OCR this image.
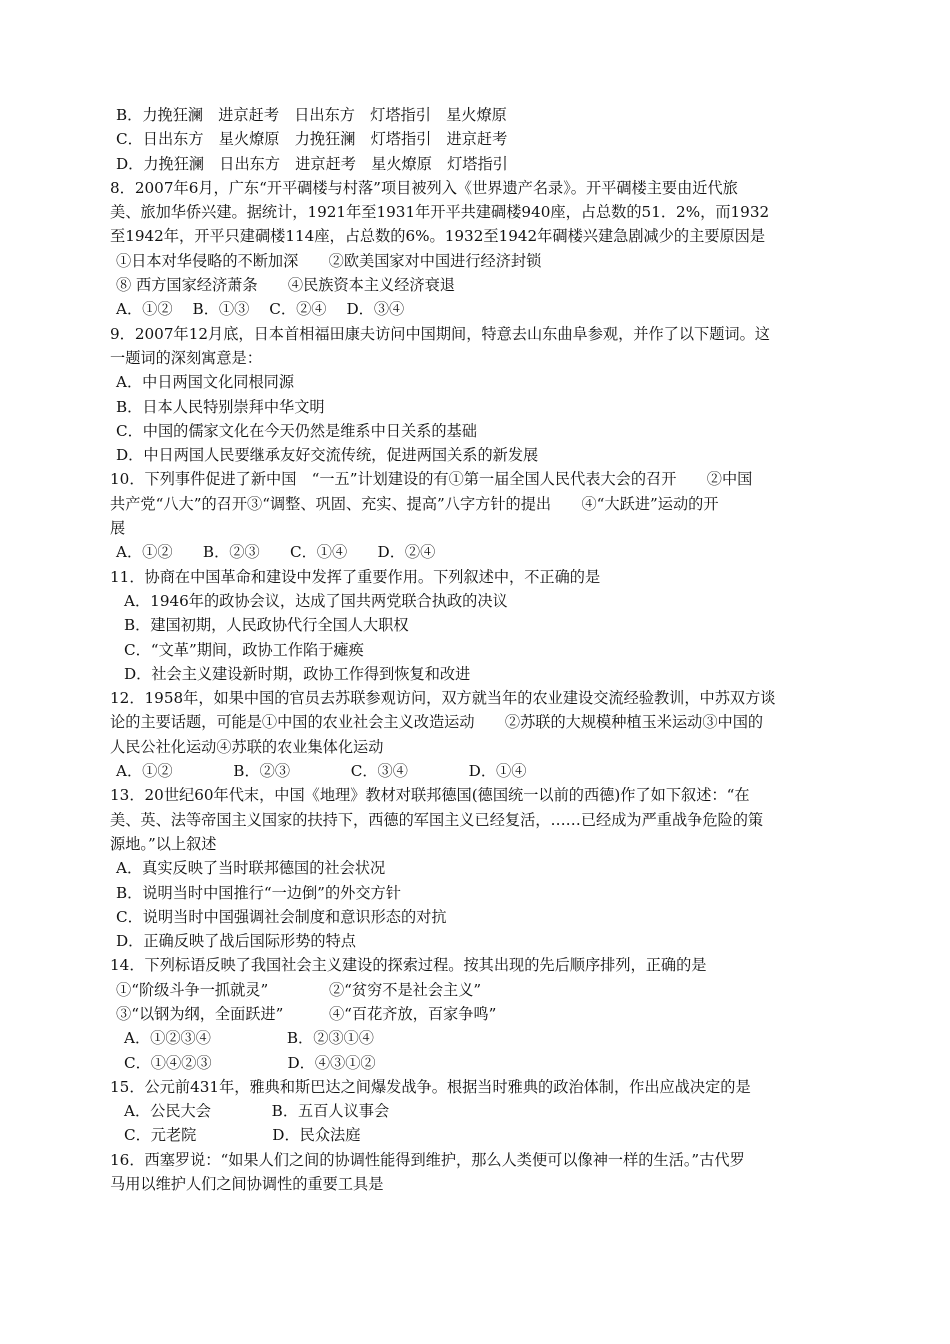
B．力挽狂澜　进京赶考　日出东方　灯塔指引　星火燎原
C．日出东方　星火燎原　力挽狂澜　灯塔指引　进京赶考
D．力挽狂澜　日出东方　进京赶考　星火燎原　灯塔指引
8．2007年6月，广东“开平碉楼与村落”项目被列入《世界遗产名录》。开平碉楼主要由近代旅
美、旅加华侨兴建。据统计，1921年至1931年开平共建碉楼940座，占总数的51．2%，而1932
至1942年，开平只建碉楼114座，占总数的6%。1932至1942年碉楼兴建急剧减少的主要原因是
①日本对华侵略的不断加深　　②欧美国家对中国进行经济封锁
⑧ 西方国家经济萧条　　④民族资本主义经济衰退
A．①②　 B．①③　 C．②④　 D．③④
9．2007年12月底，日本首相福田康夫访问中国期间，特意去山东曲阜参观，并作了以下题词。这
一题词的深刻寓意是：
A．中日两国文化同根同源
B．日本人民特别崇拜中华文明
C．中国的儒家文化在今天仍然是维系中日关系的基础
D．中日两国人民要继承友好交流传统，促进两国关系的新发展
10．下列事件促进了新中国　“一五”计划建设的有①第一届全国人民代表大会的召开　　②中国
共产党“八大”的召开③“调整、巩固、充实、提高”八字方针的提出　　④“大跃进”运动的开
展
A．①②　　B．②③　　C．①④　　D．②④
11．协商在中国革命和建设中发挥了重要作用。下列叙述中，不正确的是
A．1946年的政协会议，达成了国共两党联合执政的决议
B．建国初期，人民政协代行全国人大职权
C．“文革”期间，政协工作陷于瘫痪
D．社会主义建设新时期，政协工作得到恢复和改进
12．1958年，如果中国的官员去苏联参观访问，双方就当年的农业建设交流经验教训，中苏双方谈
论的主要话题，可能是①中国的农业社会主义改造运动　　②苏联的大规模种植玉米运动③中国的
人民公社化运动④苏联的农业集体化运动
A．①②　　　　B．②③　　　　C．③④　　　　D．①④
13．20世纪60年代末，中国《地理》教材对联邦德国(德国统一以前的西德)作了如下叙述：“在
美、英、法等帝国主义国家的扶持下，西德的军国主义已经复活，……已经成为严重战争危险的策
源地。”以上叙述
A．真实反映了当时联邦德国的社会状况
B．说明当时中国推行“一边倒”的外交方针
C．说明当时中国强调社会制度和意识形态的对抗
D．正确反映了战后国际形势的特点
14．下列标语反映了我国社会主义建设的探索过程。按其出现的先后顺序排列，正确的是
①“阶级斗争一抓就灵”　　　　②“贫穷不是社会主义”
③“以钢为纲，全面跃进”　　　④“百花齐放，百家争鸣”
A．①②③④　　　　　B．②③①④
C．①④②③　　　　　D．④③①②
15．公元前431年，雅典和斯巴达之间爆发战争。根据当时雅典的政治体制，作出应战决定的是
A．公民大会　　　　B．五百人议事会
C．元老院　　　　　D．民众法庭
16．西塞罗说：“如果人们之间的协调性能得到维护，那么人类便可以像神一样的生活。”古代罗
马用以维护人们之间协调性的重要工具是
